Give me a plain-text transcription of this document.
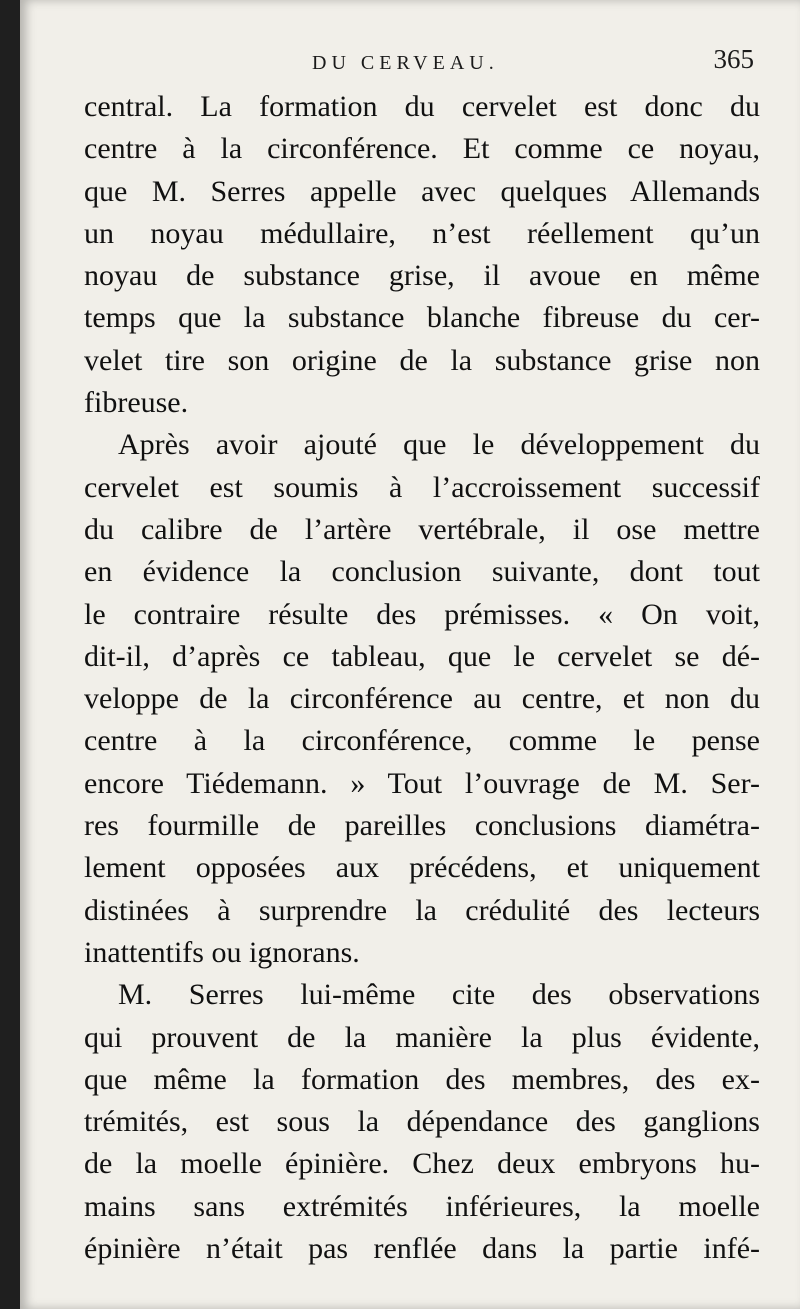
DU CERVEAU.	365
central. La formation du cervelet est donc du
centre à la circonférence. Et comme ce noyau,
que M. Serres appelle avec quelques Allemands
un noyau médullaire, n’est réellement qu’un
noyau de substance grise, il avoue en même
temps que la substance blanche fibreuse du cer-
velet tire son origine de la substance grise non
fibreuse.
Après avoir ajouté que le développement du
cervelet est soumis à l’accroissement successif
du calibre de l’artère vertébrale, il ose mettre
en évidence la conclusion suivante, dont tout
le contraire résulte des prémisses. « On voit,
dit-il, d’après ce tableau, que le cervelet se dé-
veloppe de la circonférence au centre, et non du
centre à la circonférence, comme le pense
encore Tiédemann. » Tout l’ouvrage de M. Ser-
res fourmille de pareilles conclusions diamétra-
lement opposées aux précédens, et uniquement
distinées à surprendre la crédulité des lecteurs
inattentifs ou ignorans.
M. Serres lui-même cite des observations
qui prouvent de la manière la plus évidente,
que même la formation des membres, des ex-
trémités, est sous la dépendance des ganglions
de la moelle épinière. Chez deux embryons hu-
mains sans extrémités inférieures, la moelle
épinière n’était pas renflée dans la partie infé-
